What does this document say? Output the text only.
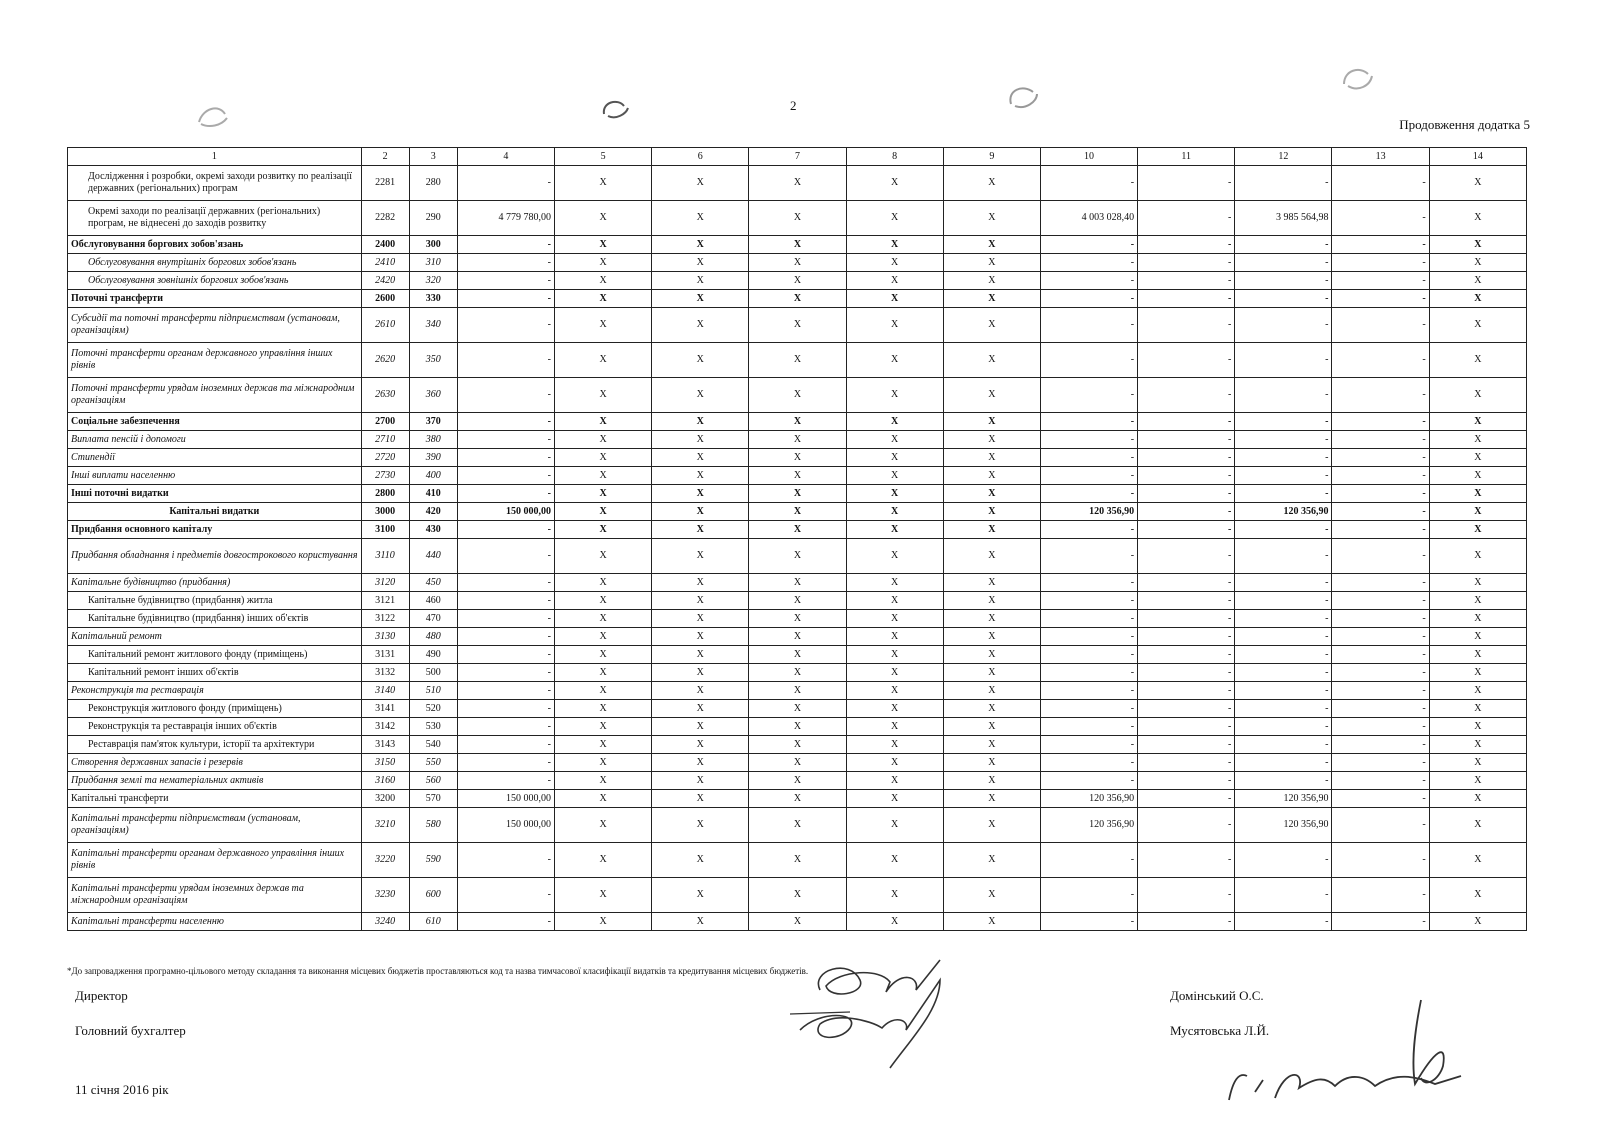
2
Продовження додатка 5
1	2	3	4	5	6	7	8	9	10	11	12	13	14
Дослідження і розробки, окремі заходи розвитку по реалізації державних (регіональних) програм	2281	280	-	X	X	X	X	X	-	-	-	-	X
Окремі заходи по реалізації державних (регіональних) програм, не віднесені до заходів розвитку	2282	290	4 779 780,00	X	X	X	X	X	4 003 028,40	-	3 985 564,98	-	X
Обслуговування боргових зобов'язань	2400	300	-	X	X	X	X	X	-	-	-	-	X
Обслуговування внутрішніх боргових зобов'язань	2410	310	-	X	X	X	X	X	-	-	-	-	X
Обслуговування зовнішніх боргових зобов'язань	2420	320	-	X	X	X	X	X	-	-	-	-	X
Поточні трансферти	2600	330	-	X	X	X	X	X	-	-	-	-	X
Субсидії та поточні трансферти підприємствам (установам, організаціям)	2610	340	-	X	X	X	X	X	-	-	-	-	X
Поточні трансферти органам державного управління інших рівнів	2620	350	-	X	X	X	X	X	-	-	-	-	X
Поточні трансферти урядам іноземних держав та міжнародним організаціям	2630	360	-	X	X	X	X	X	-	-	-	-	X
Соціальне забезпечення	2700	370	-	X	X	X	X	X	-	-	-	-	X
Виплата пенсій і допомоги	2710	380	-	X	X	X	X	X	-	-	-	-	X
Стипендії	2720	390	-	X	X	X	X	X	-	-	-	-	X
Інші виплати населенню	2730	400	-	X	X	X	X	X	-	-	-	-	X
Інші поточні видатки	2800	410	-	X	X	X	X	X	-	-	-	-	X
Капітальні видатки	3000	420	150 000,00	X	X	X	X	X	120 356,90	-	120 356,90	-	X
Придбання основного капіталу	3100	430	-	X	X	X	X	X	-	-	-	-	X
Придбання обладнання і предметів довгострокового користування	3110	440	-	X	X	X	X	X	-	-	-	-	X
Капітальне будівництво (придбання)	3120	450	-	X	X	X	X	X	-	-	-	-	X
Капітальне будівництво (придбання) житла	3121	460	-	X	X	X	X	X	-	-	-	-	X
Капітальне будівництво (придбання) інших об'єктів	3122	470	-	X	X	X	X	X	-	-	-	-	X
Капітальний ремонт	3130	480	-	X	X	X	X	X	-	-	-	-	X
Капітальний ремонт житлового фонду (приміщень)	3131	490	-	X	X	X	X	X	-	-	-	-	X
Капітальний ремонт інших об'єктів	3132	500	-	X	X	X	X	X	-	-	-	-	X
Реконструкція та реставрація	3140	510	-	X	X	X	X	X	-	-	-	-	X
Реконструкція житлового фонду (приміщень)	3141	520	-	X	X	X	X	X	-	-	-	-	X
Реконструкція та реставрація інших об'єктів	3142	530	-	X	X	X	X	X	-	-	-	-	X
Реставрація пам'яток культури, історії та архітектури	3143	540	-	X	X	X	X	X	-	-	-	-	X
Створення державних запасів і резервів	3150	550	-	X	X	X	X	X	-	-	-	-	X
Придбання землі та нематеріальних активів	3160	560	-	X	X	X	X	X	-	-	-	-	X
Капітальні трансферти	3200	570	150 000,00	X	X	X	X	X	120 356,90	-	120 356,90	-	X
Капітальні трансферти підприємствам (установам, організаціям)	3210	580	150 000,00	X	X	X	X	X	120 356,90	-	120 356,90	-	X
Капітальні трансферти органам державного управління інших рівнів	3220	590	-	X	X	X	X	X	-	-	-	-	X
Капітальні трансферти урядам іноземних держав та міжнародним організаціям	3230	600	-	X	X	X	X	X	-	-	-	-	X
Капітальні трансферти населенню	3240	610	-	X	X	X	X	X	-	-	-	-	X
*До запровадження програмно-цільового методу складання та виконання місцевих бюджетів проставляються код та назва тимчасової класифікації видатків та кредитування місцевих бюджетів.
Директор
Головний бухгалтер
11 січня 2016 рік
Домінський О.С.
Мусятовська Л.Й.
